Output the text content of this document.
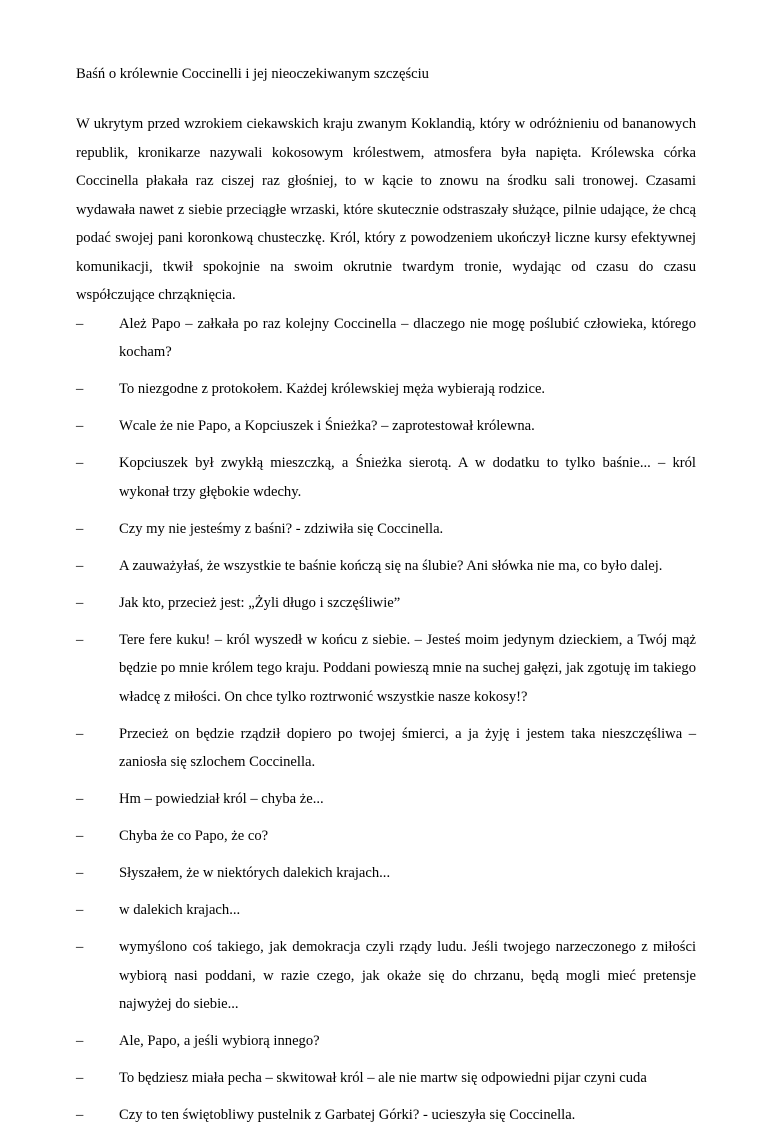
Baśń o królewnie Coccinelli i jej nieoczekiwanym szczęściu

W ukrytym przed wzrokiem ciekawskich kraju zwanym Koklandią, który w odróżnieniu od bananowych republik, kronikarze nazywali kokosowym królestwem, atmosfera była napięta. Królewska córka Coccinella płakała raz ciszej raz głośniej, to w kącie to znowu na środku sali tronowej. Czasami wydawała nawet z siebie przeciągłe wrzaski, które skutecznie odstraszały służące, pilnie udające, że chcą podać swojej pani koronkową chusteczkę. Król, który z powodzeniem ukończył liczne kursy efektywnej komunikacji, tkwił spokojnie na swoim okrutnie twardym tronie, wydając od czasu do czasu współczujące chrząknięcia.

–	Ależ Papo – załkała po raz kolejny Coccinella – dlaczego nie mogę poślubić człowieka, którego kocham?
–	To niezgodne z protokołem. Każdej królewskiej męża wybierają rodzice.
–	Wcale że nie Papo, a Kopciuszek i Śnieżka? – zaprotestował królewna.
–	Kopciuszek był zwykłą mieszczką, a Śnieżka sierotą. A w dodatku to tylko baśnie... – król wykonał trzy głębokie wdechy.
–	Czy my nie jesteśmy z baśni? - zdziwiła się Coccinella.
–	A zauważyłaś, że wszystkie te baśnie kończą się na ślubie? Ani słówka nie ma, co było dalej.
–	Jak kto, przecież jest: „Żyli długo i szczęśliwie”
–	Tere fere kuku! – król wyszedł w końcu z siebie. – Jesteś moim jedynym dzieckiem, a Twój mąż będzie po mnie królem tego kraju. Poddani powieszą mnie na suchej gałęzi, jak zgotuję im takiego władcę z miłości. On chce tylko roztrwonić wszystkie nasze kokosy!?
–	Przecież on będzie rządził dopiero po twojej śmierci, a ja żyję i jestem taka nieszczęśliwa – zaniosła się szlochem Coccinella.
–	Hm – powiedział król – chyba że...
–	Chyba że co Papo, że co?
–	Słyszałem, że w niektórych dalekich krajach...
–	w dalekich krajach...
–	wymyślono coś takiego, jak demokracja czyli rządy ludu. Jeśli twojego narzeczonego z miłości wybiorą nasi poddani, w razie czego, jak okaże się do chrzanu, będą mogli mieć pretensje najwyżej do siebie...
–	Ale, Papo, a jeśli wybiorą innego?
–	To będziesz miała pecha – skwitował król – ale nie martw się odpowiedni pijar czyni cuda
–	Czy to ten świętobliwy pustelnik z Garbatej Górki? - ucieszyła się Coccinella.
